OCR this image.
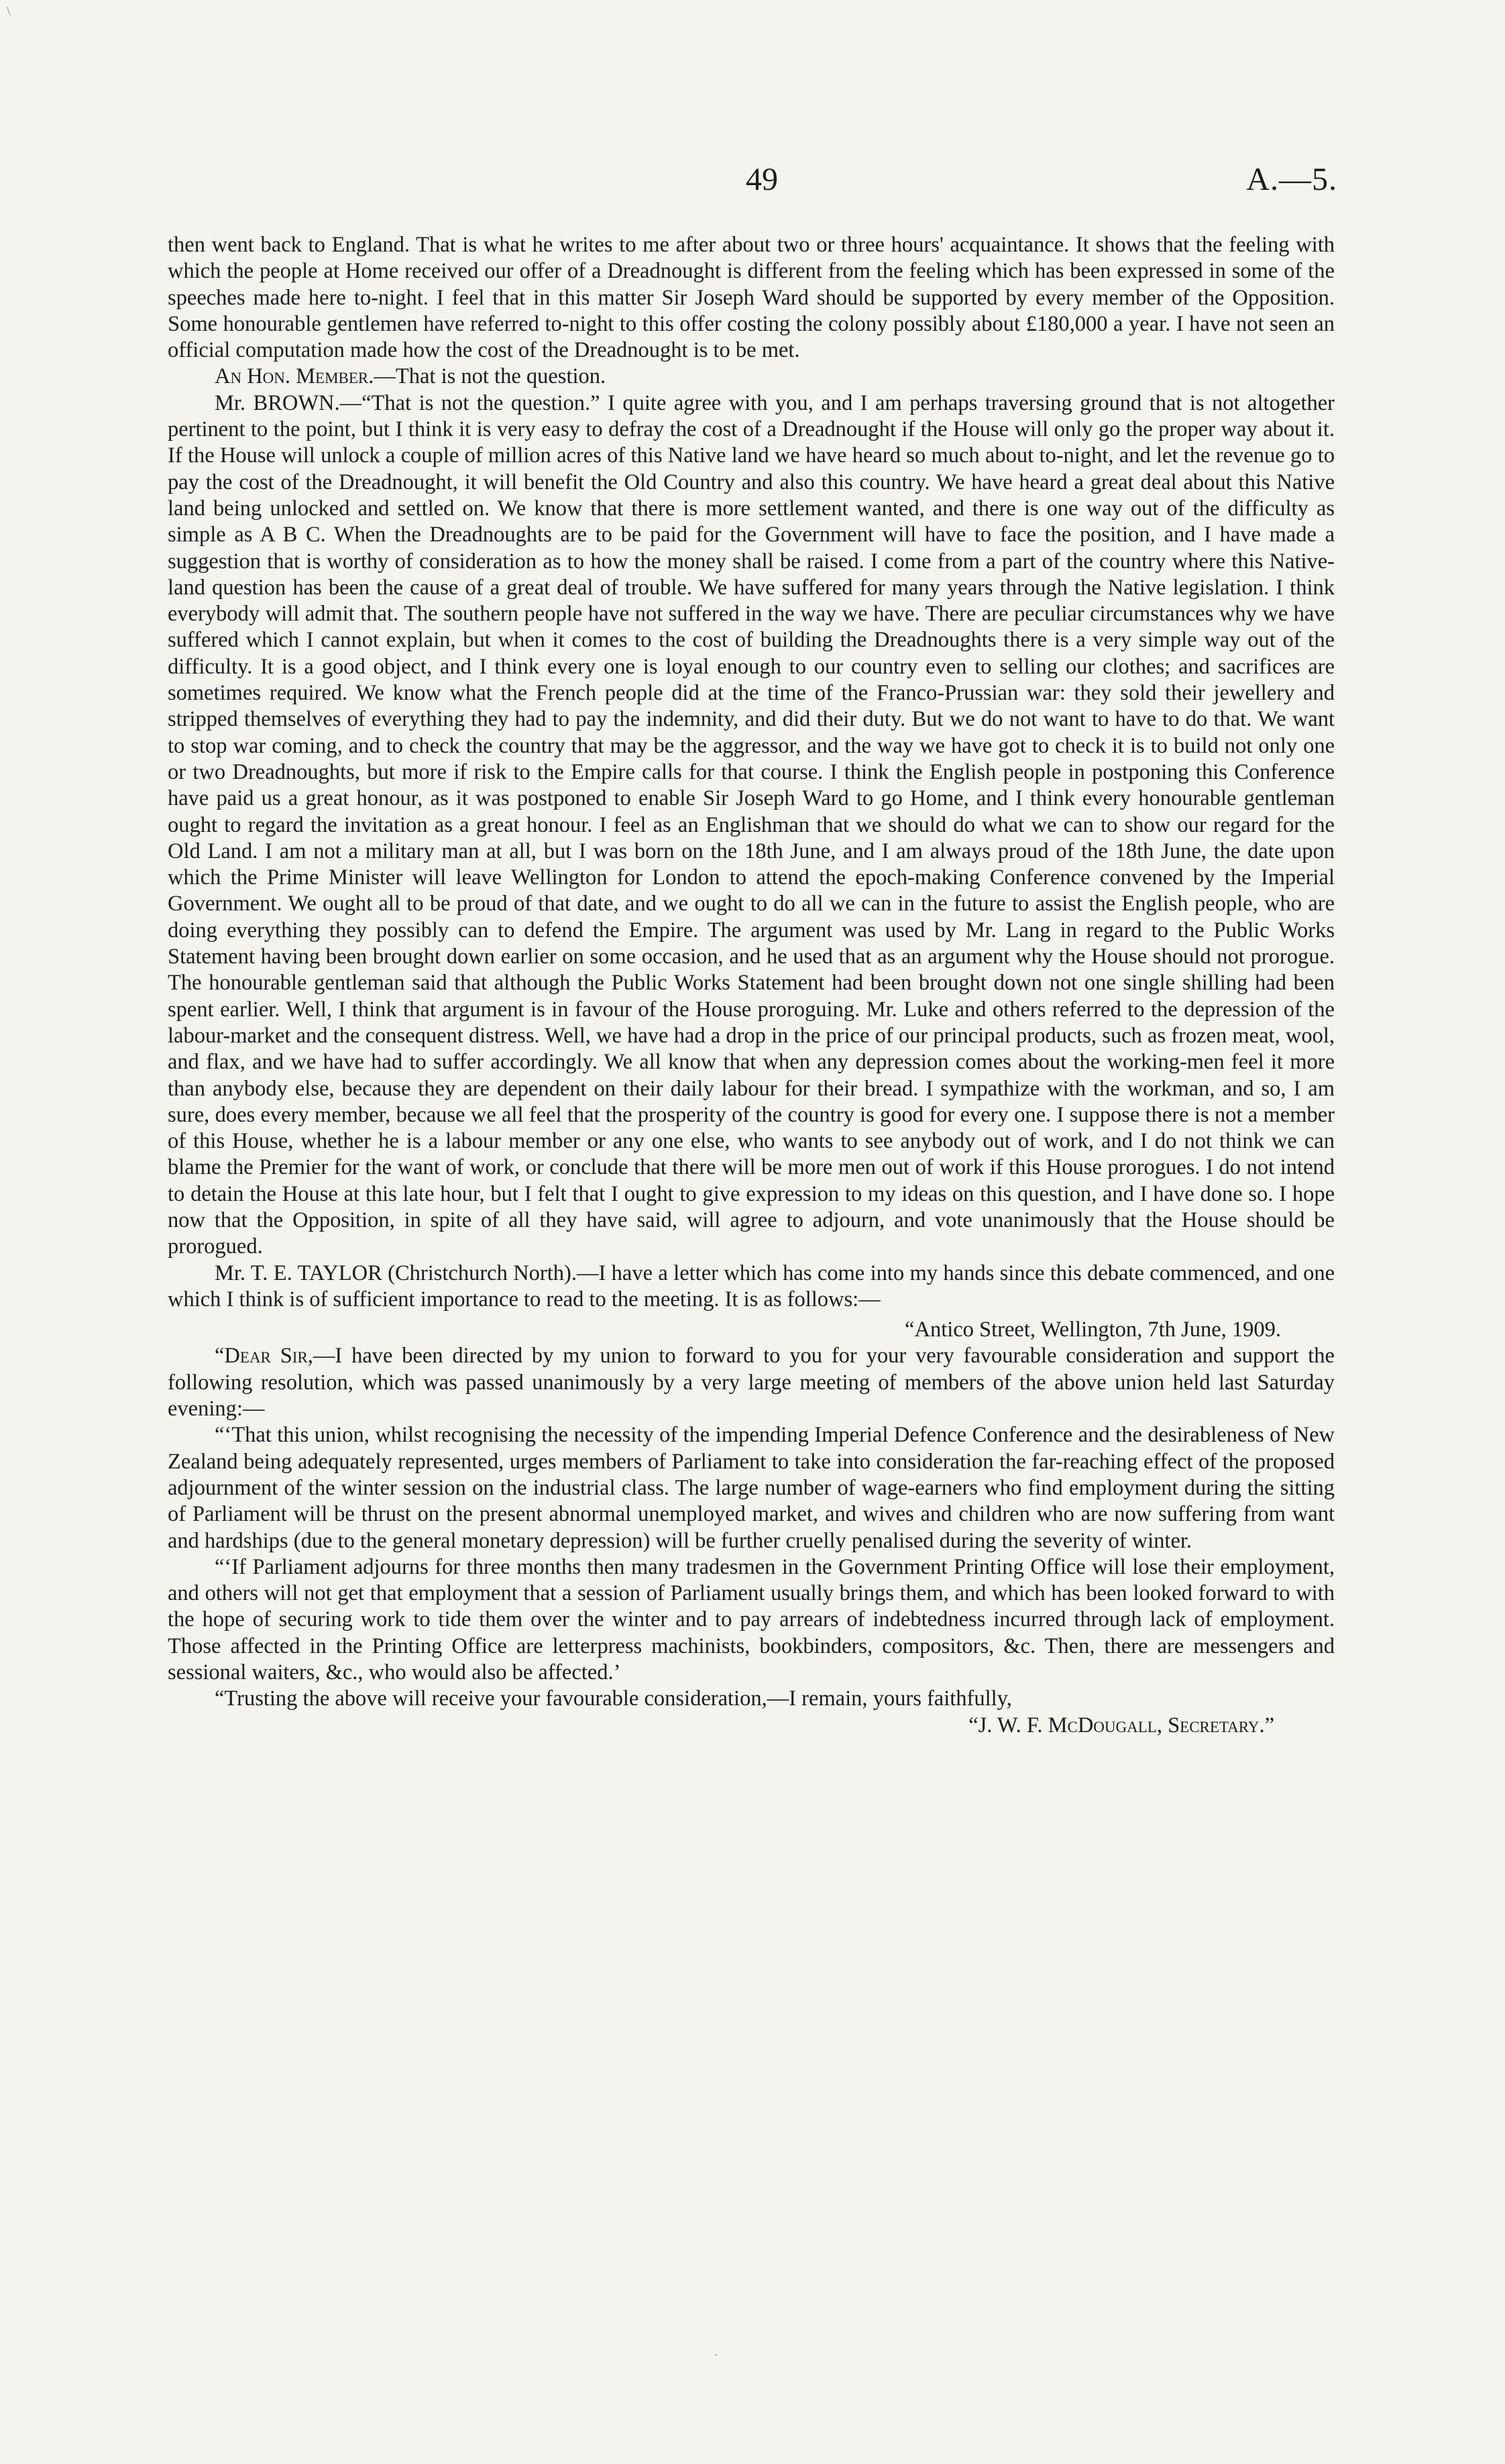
49	A.—5.
\

then went back to England. That is what he writes to me after about two or three hours' acquaintance. It shows that the feeling with which the people at Home received our offer of a Dreadnought is different from the feeling which has been expressed in some of the speeches made here to-night. I feel that in this matter Sir Joseph Ward should be supported by every member of the Opposition. Some honourable gentlemen have referred to-night to this offer costing the colony possibly about £180,000 a year. I have not seen an official computation made how the cost of the Dreadnought is to be met.

An Hon. Member.—That is not the question.

Mr. BROWN.—“That is not the question.” I quite agree with you, and I am perhaps traversing ground that is not altogether pertinent to the point, but I think it is very easy to defray the cost of a Dreadnought if the House will only go the proper way about it. If the House will unlock a couple of million acres of this Native land we have heard so much about to-night, and let the revenue go to pay the cost of the Dreadnought, it will benefit the Old Country and also this country. We have heard a great deal about this Native land being unlocked and settled on. We know that there is more settlement wanted, and there is one way out of the difficulty as simple as A B C. When the Dreadnoughts are to be paid for the Government will have to face the position, and I have made a suggestion that is worthy of consideration as to how the money shall be raised. I come from a part of the country where this Native-land question has been the cause of a great deal of trouble. We have suffered for many years through the Native legislation. I think everybody will admit that. The southern people have not suffered in the way we have. There are peculiar circumstances why we have suffered which I cannot explain, but when it comes to the cost of building the Dreadnoughts there is a very simple way out of the difficulty. It is a good object, and I think every one is loyal enough to our country even to selling our clothes; and sacrifices are sometimes required. We know what the French people did at the time of the Franco-Prussian war: they sold their jewellery and stripped themselves of everything they had to pay the indemnity, and did their duty. But we do not want to have to do that. We want to stop war coming, and to check the country that may be the aggressor, and the way we have got to check it is to build not only one or two Dreadnoughts, but more if risk to the Empire calls for that course. I think the English people in postponing this Conference have paid us a great honour, as it was postponed to enable Sir Joseph Ward to go Home, and I think every honourable gentleman ought to regard the invitation as a great honour. I feel as an Englishman that we should do what we can to show our regard for the Old Land. I am not a military man at all, but I was born on the 18th June, and I am always proud of the 18th June, the date upon which the Prime Minister will leave Wellington for London to attend the epoch-making Conference convened by the Imperial Government. We ought all to be proud of that date, and we ought to do all we can in the future to assist the English people, who are doing everything they possibly can to defend the Empire. The argument was used by Mr. Lang in regard to the Public Works Statement having been brought down earlier on some occasion, and he used that as an argument why the House should not prorogue. The honourable gentleman said that although the Public Works Statement had been brought down not one single shilling had been spent earlier. Well, I think that argument is in favour of the House proroguing. Mr. Luke and others referred to the depression of the labour-market and the consequent distress. Well, we have had a drop in the price of our principal products, such as frozen meat, wool, and flax, and we have had to suffer accordingly. We all know that when any depression comes about the working-men feel it more than anybody else, because they are dependent on their daily labour for their bread. I sympathize with the workman, and so, I am sure, does every member, because we all feel that the prosperity of the country is good for every one. I suppose there is not a member of this House, whether he is a labour member or any one else, who wants to see anybody out of work, and I do not think we can blame the Premier for the want of work, or conclude that there will be more men out of work if this House prorogues. I do not intend to detain the House at this late hour, but I felt that I ought to give expression to my ideas on this question, and I have done so. I hope now that the Opposition, in spite of all they have said, will agree to adjourn, and vote unanimously that the House should be prorogued.

Mr. T. E. TAYLOR (Christchurch North).—I have a letter which has come into my hands since this debate commenced, and one which I think is of sufficient importance to read to the meeting. It is as follows:—

“Antico Street, Wellington, 7th June, 1909.

“Dear Sir,—I have been directed by my union to forward to you for your very favourable consideration and support the following resolution, which was passed unanimously by a very large meeting of members of the above union held last Saturday evening:—

“‘That this union, whilst recognising the necessity of the impending Imperial Defence Conference and the desirableness of New Zealand being adequately represented, urges members of Parliament to take into consideration the far-reaching effect of the proposed adjournment of the winter session on the industrial class. The large number of wage-earners who find employment during the sitting of Parliament will be thrust on the present abnormal unemployed market, and wives and children who are now suffering from want and hardships (due to the general monetary depression) will be further cruelly penalised during the severity of winter.

“‘If Parliament adjourns for three months then many tradesmen in the Government Printing Office will lose their employment, and others will not get that employment that a session of Parliament usually brings them, and which has been looked forward to with the hope of securing work to tide them over the winter and to pay arrears of indebtedness incurred through lack of employment. Those affected in the Printing Office are letterpress machinists, bookbinders, compositors, &c. Then, there are messengers and sessional waiters, &c., who would also be affected.’

“Trusting the above will receive your favourable consideration,—I remain, yours faithfully,

“J. W. F. McDougall, Secretary.”

·
